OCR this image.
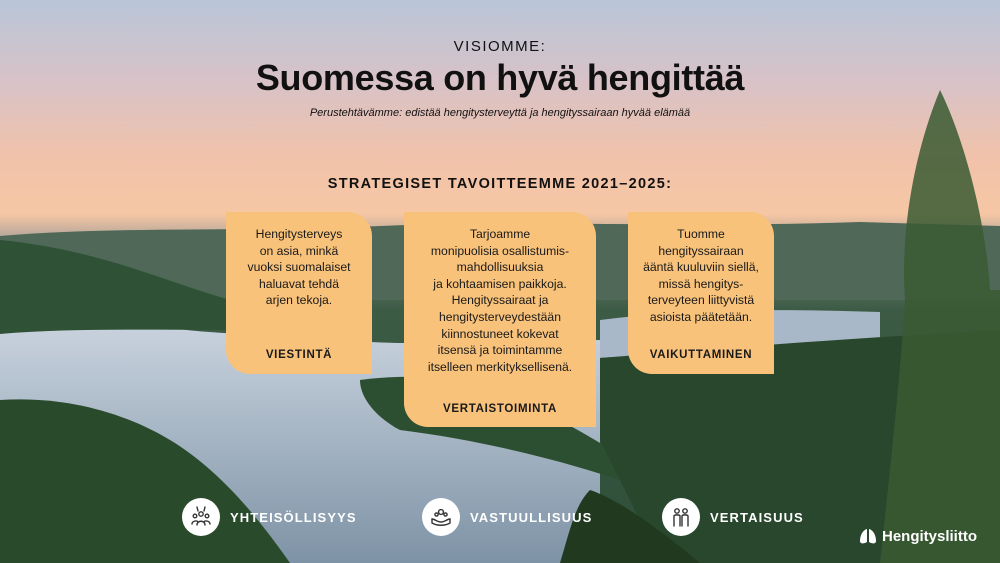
VISIOMME:
Suomessa on hyvä hengittää
Perustehtävämme: edistää hengitysterveyttä ja hengityssairaan hyvää elämää
STRATEGISET TAVOITTEEMME 2021–2025:
Hengitysterveys
on asia, minkä
vuoksi suomalaiset
haluavat tehdä
arjen tekoja.
VIESTINTÄ
Tarjoamme
monipuolisia osallistumis-
mahdollisuuksia
ja kohtaamisen paikkoja.
Hengityssairaat ja
hengitysterveydestään
kiinnostuneet kokevat
itsensä ja toimintamme
itselleen merkityksellisenä.
VERTAISTOIMINTA
Tuomme
hengityssairaan
ääntä kuuluviin siellä,
missä hengitys-
terveyteen liittyvistä
asioista päätetään.
VAIKUTTAMINEN
YHTEISÖLLISYYS	VASTUULLISUUS	VERTAISUUS
Hengitysliitto
